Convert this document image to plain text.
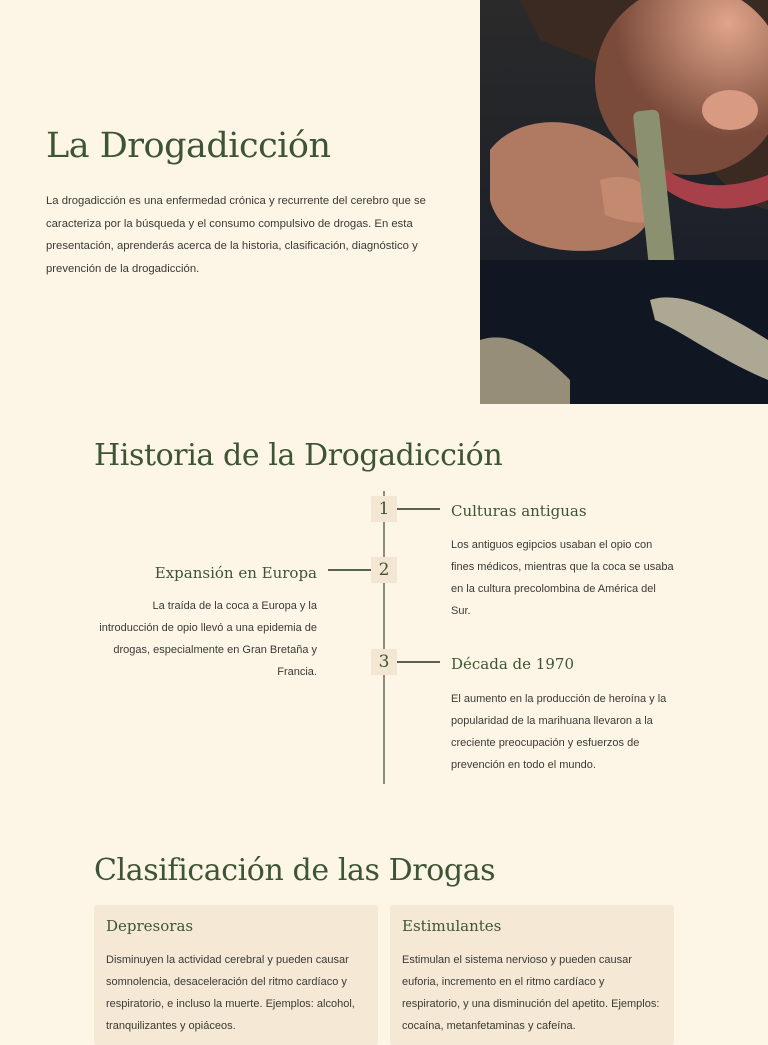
La Drogadicción

La drogadicción es una enfermedad crónica y recurrente del cerebro que se caracteriza por la búsqueda y el consumo compulsivo de drogas. En esta presentación, aprenderás acerca de la historia, clasificación, diagnóstico y prevención de la drogadicción.

Historia de la Drogadicción
1	Culturas antiguas

Los antiguos egipcios usaban el opio con fines médicos, mientras que la coca se usaba en la cultura precolombina de América del Sur.

2
Expansión en Europa

La traída de la coca a Europa y la introducción de opio llevó a una epidemia de drogas, especialmente en Gran Bretaña y Francia.	3	Década de 1970

El aumento en la producción de heroína y la popularidad de la marihuana llevaron a la creciente preocupación y esfuerzos de prevención en todo el mundo.

Clasificación de las Drogas
Depresoras

Disminuyen la actividad cerebral y pueden causar somnolencia, desaceleración del ritmo cardíaco y respiratorio, e incluso la muerte. Ejemplos: alcohol, tranquilizantes y opiáceos.

Estimulantes

Estimulan el sistema nervioso y pueden causar euforia, incremento en el ritmo cardíaco y respiratorio, y una disminución del apetito. Ejemplos: cocaína, metanfetaminas y cafeína.
